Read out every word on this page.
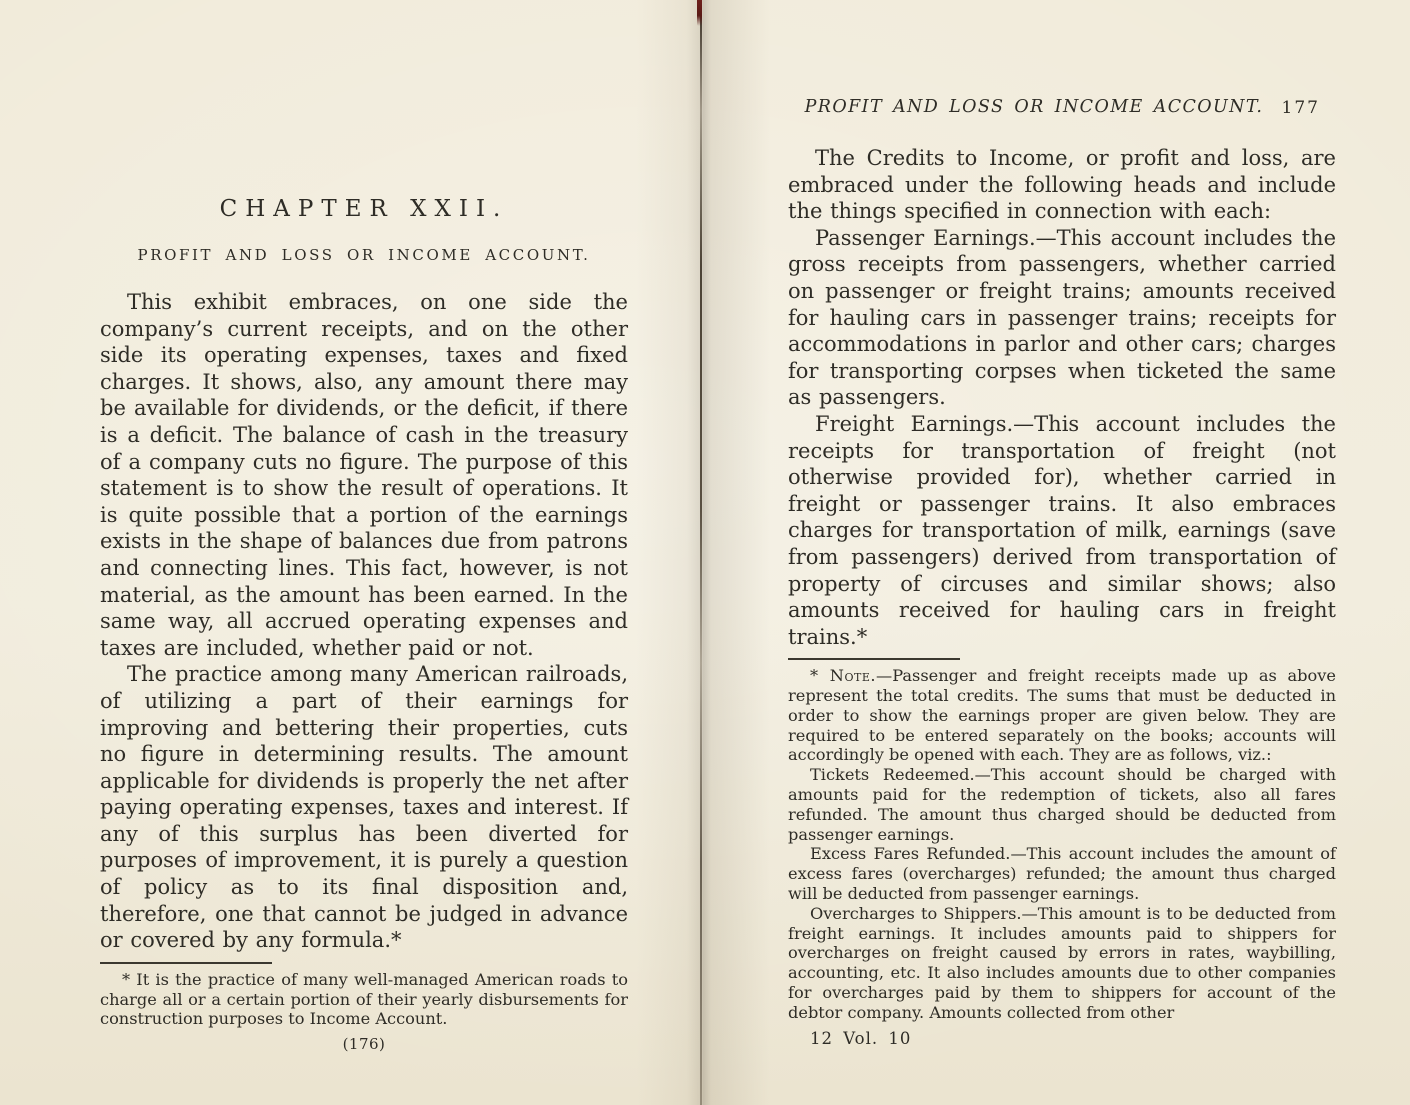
CHAPTER XXII.
PROFIT AND LOSS OR INCOME ACCOUNT.

This exhibit embraces, on one side the company’s current receipts, and on the other side its operating expenses, taxes and fixed charges. It shows, also, any amount there may be available for dividends, or the deficit, if there is a deficit. The balance of cash in the treasury of a company cuts no figure. The purpose of this statement is to show the result of operations. It is quite possible that a portion of the earnings exists in the shape of balances due from patrons and connecting lines. This fact, however, is not material, as the amount has been earned. In the same way, all accrued operating expenses and taxes are included, whether paid or not.

The practice among many American railroads, of utilizing a part of their earnings for improving and bettering their properties, cuts no figure in determining results. The amount applicable for dividends is properly the net after paying operating expenses, taxes and interest. If any of this surplus has been diverted for purposes of improvement, it is purely a question of policy as to its final disposition and, therefore, one that cannot be judged in advance or covered by any formula.*

* It is the practice of many well-managed American roads to charge all or a certain portion of their yearly disbursements for construction purposes to Income Account.

(176)
PROFIT AND LOSS OR INCOME ACCOUNT. 177

The Credits to Income, or profit and loss, are embraced under the following heads and include the things specified in connection with each:

Passenger Earnings.—This account includes the gross receipts from passengers, whether carried on passenger or freight trains; amounts received for hauling cars in passenger trains; receipts for accommodations in parlor and other cars; charges for transporting corpses when ticketed the same as passengers.

Freight Earnings.—This account includes the receipts for transportation of freight (not otherwise provided for), whether carried in freight or passenger trains. It also embraces charges for transportation of milk, earnings (save from passengers) derived from transportation of property of circuses and similar shows; also amounts received for hauling cars in freight trains.*

* Note.—Passenger and freight receipts made up as above represent the total credits. The sums that must be deducted in order to show the earnings proper are given below. They are required to be entered separately on the books; accounts will accordingly be opened with each. They are as follows, viz.:

Tickets Redeemed.—This account should be charged with amounts paid for the redemption of tickets, also all fares refunded. The amount thus charged should be deducted from passenger earnings.

Excess Fares Refunded.—This account includes the amount of excess fares (overcharges) refunded; the amount thus charged will be deducted from passenger earnings.

Overcharges to Shippers.—This amount is to be deducted from freight earnings. It includes amounts paid to shippers for overcharges on freight caused by errors in rates, waybilling, accounting, etc. It also includes amounts due to other companies for overcharges paid by them to shippers for account of the debtor company. Amounts collected from other

12 Vol. 10
